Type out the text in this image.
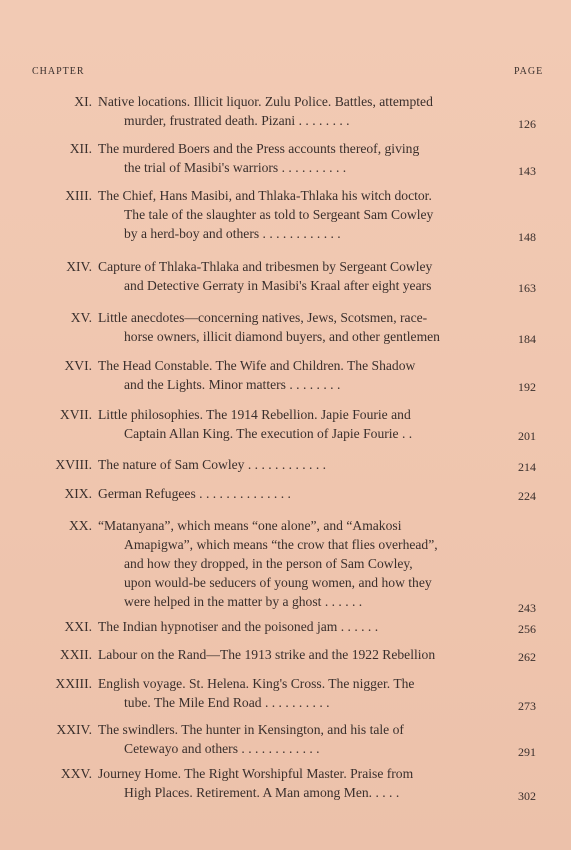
CHAPTER	PAGE
XI. Native locations. Illicit liquor. Zulu Police. Battles, attempted
murder, frustrated death. Pizani . . . . . . . .	126
XII. The murdered Boers and the Press accounts thereof, giving
the trial of Masibi's warriors . . . . . . . . . .	143
XIII. The Chief, Hans Masibi, and Thlaka-Thlaka his witch doctor.
The tale of the slaughter as told to Sergeant Sam Cowley
by a herd-boy and others . . . . . . . . . . . .	148
XIV. Capture of Thlaka-Thlaka and tribesmen by Sergeant Cowley
and Detective Gerraty in Masibi's Kraal after eight years	163
XV. Little anecdotes—concerning natives, Jews, Scotsmen, race-
horse owners, illicit diamond buyers, and other gentlemen	184
XVI. The Head Constable. The Wife and Children. The Shadow
and the Lights. Minor matters . . . . . . . .	192
XVII. Little philosophies. The 1914 Rebellion. Japie Fourie and
Captain Allan King. The execution of Japie Fourie . .	201
XVIII. The nature of Sam Cowley . . . . . . . . . . . .	214
XIX. German Refugees . . . . . . . . . . . . . .	224
XX. “Matanyana”, which means “one alone”, and “Amakosi
Amapigwa”, which means “the crow that flies overhead”,
and how they dropped, in the person of Sam Cowley,
upon would-be seducers of young women, and how they
were helped in the matter by a ghost . . . . . .	243
XXI. The Indian hypnotiser and the poisoned jam . . . . . .	256
XXII. Labour on the Rand—The 1913 strike and the 1922 Rebellion	262
XXIII. English voyage. St. Helena. King's Cross. The nigger. The
tube. The Mile End Road . . . . . . . . . .	273
XXIV. The swindlers. The hunter in Kensington, and his tale of
Cetewayo and others . . . . . . . . . . . .	291
XXV. Journey Home. The Right Worshipful Master. Praise from
High Places. Retirement. A Man among Men. . . . .	302
